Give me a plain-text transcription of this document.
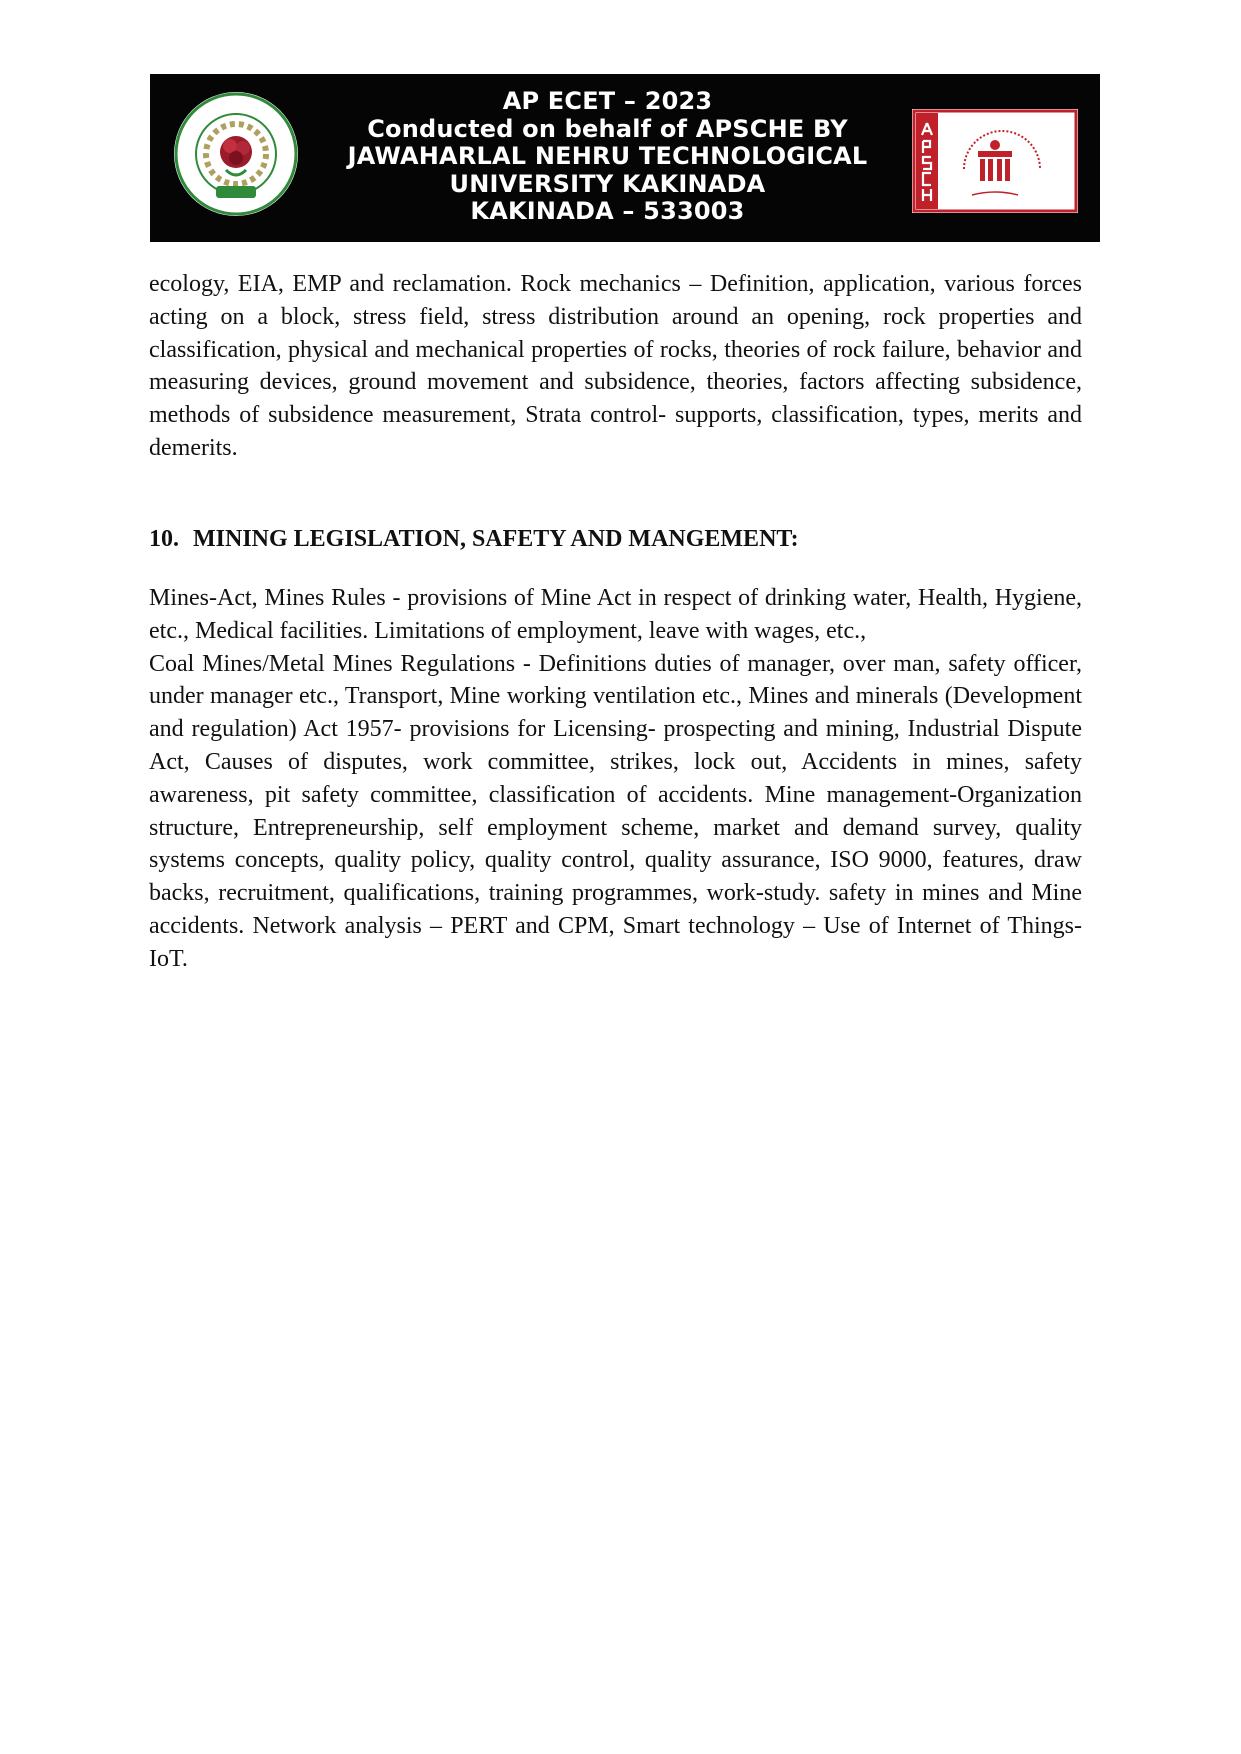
AP ECET – 2023
Conducted on behalf of APSCHE BY
JAWAHARLAL NEHRU TECHNOLOGICAL
UNIVERSITY KAKINADA
KAKINADA – 533003

ecology, EIA, EMP and reclamation. Rock mechanics – Definition, application, various forces acting on a block, stress field, stress distribution around an opening, rock properties and classification, physical and mechanical properties of rocks, theories of rock failure, behavior and measuring devices, ground movement and subsidence, theories, factors affecting subsidence, methods of subsidence measurement, Strata control- supports, classification, types, merits and demerits.

10. MINING LEGISLATION, SAFETY AND MANGEMENT:

Mines-Act, Mines Rules - provisions of Mine Act in respect of drinking water, Health, Hygiene, etc., Medical facilities. Limitations of employment, leave with wages, etc.,

Coal Mines/Metal Mines Regulations - Definitions duties of manager, over man, safety officer, under manager etc., Transport, Mine working ventilation etc., Mines and minerals (Development and regulation) Act 1957- provisions for Licensing- prospecting and mining, Industrial Dispute Act, Causes of disputes, work committee, strikes, lock out, Accidents in mines, safety awareness, pit safety committee, classification of accidents. Mine management-Organization structure, Entrepreneurship, self employment scheme, market and demand survey, quality systems concepts, quality policy, quality control, quality assurance, ISO 9000, features, draw backs, recruitment, qualifications, training programmes, work-study. safety in mines and Mine accidents. Network analysis – PERT and CPM, Smart technology – Use of Internet of Things-IoT.
